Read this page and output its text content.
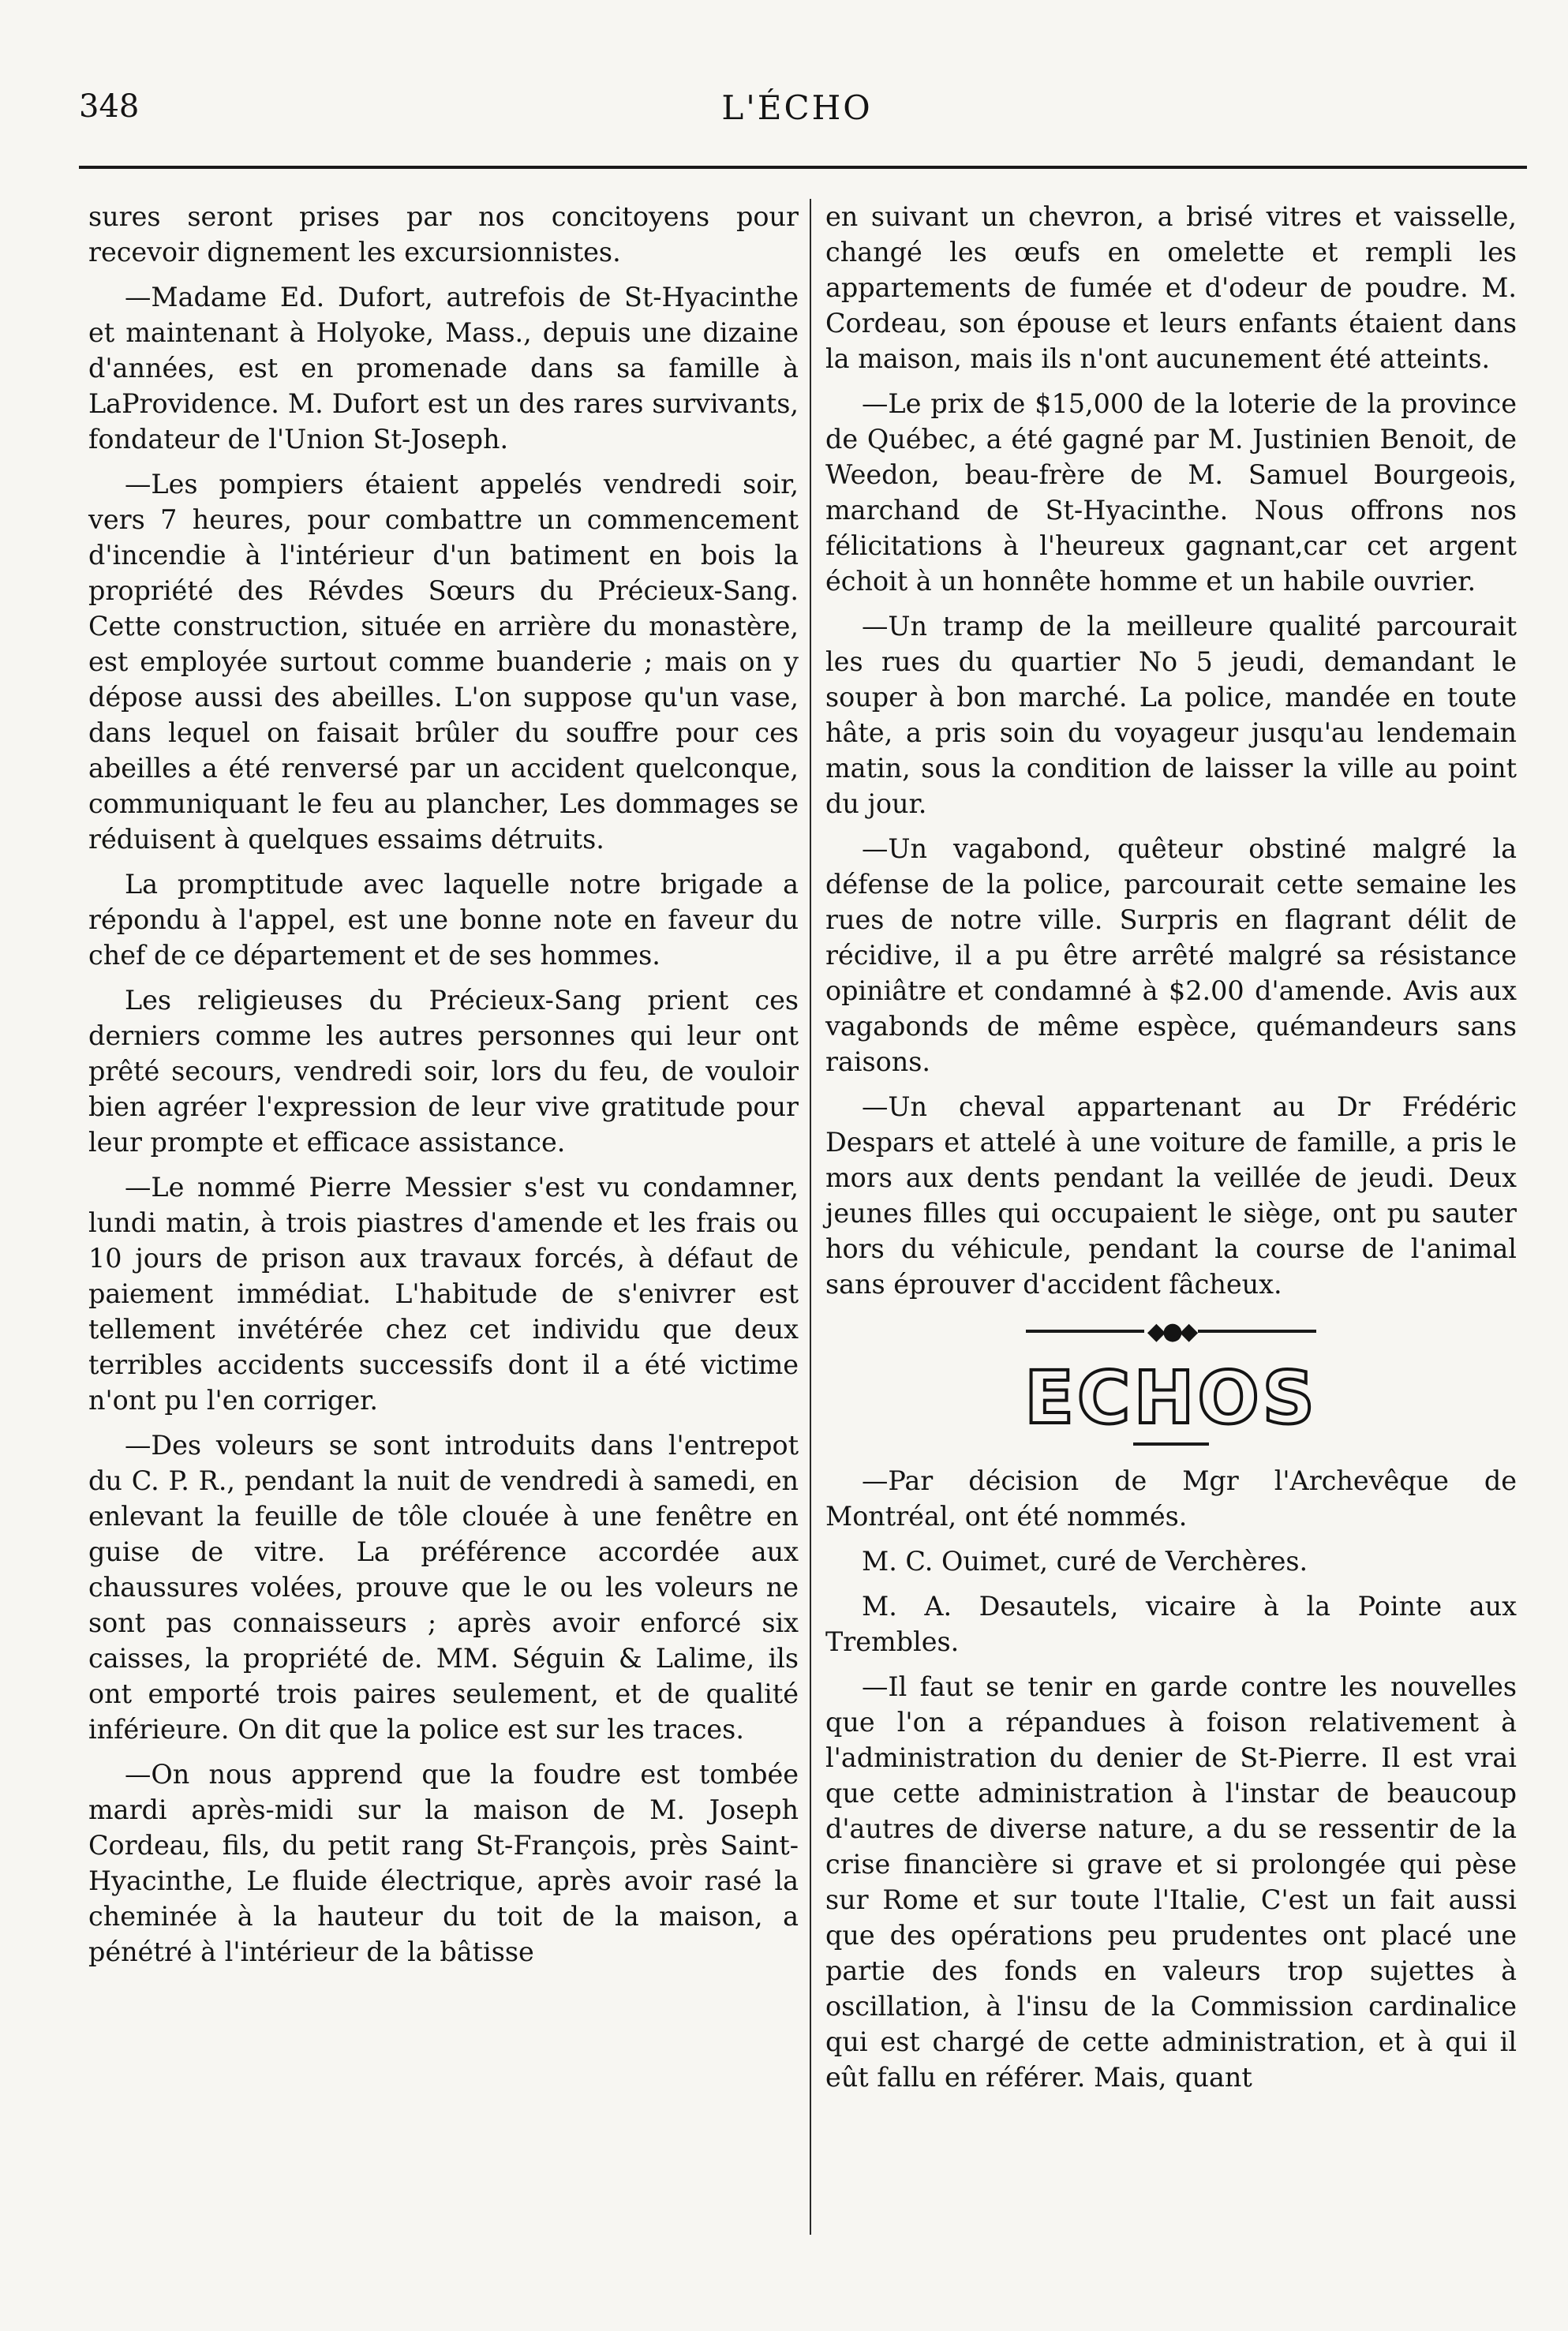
348	L'ÉCHO

sures seront prises par nos concitoyens pour recevoir dignement les excursionnistes.

—Madame Ed. Dufort, autrefois de St-Hyacinthe et maintenant à Holyoke, Mass., depuis une dizaine d'années, est en promenade dans sa famille à LaProvidence. M. Dufort est un des rares survivants, fondateur de l'Union St-Joseph.

—Les pompiers étaient appelés vendredi soir, vers 7 heures, pour combattre un commencement d'incendie à l'intérieur d'un batiment en bois la propriété des Révdes Sœurs du Précieux-Sang. Cette construction, située en arrière du monastère, est employée surtout comme buanderie ; mais on y dépose aussi des abeilles. L'on suppose qu'un vase, dans lequel on faisait brûler du souffre pour ces abeilles a été renversé par un accident quelconque, communiquant le feu au plancher, Les dommages se réduisent à quelques essaims détruits.

La promptitude avec laquelle notre brigade a répondu à l'appel, est une bonne note en faveur du chef de ce département et de ses hommes.

Les religieuses du Précieux-Sang prient ces derniers comme les autres personnes qui leur ont prêté secours, vendredi soir, lors du feu, de vouloir bien agréer l'expression de leur vive gratitude pour leur prompte et efficace assistance.

—Le nommé Pierre Messier s'est vu condamner, lundi matin, à trois piastres d'amende et les frais ou 10 jours de prison aux travaux forcés, à défaut de paiement immédiat. L'habitude de s'enivrer est tellement invétérée chez cet individu que deux terribles accidents successifs dont il a été victime n'ont pu l'en corriger.

—Des voleurs se sont introduits dans l'entrepot du C. P. R., pendant la nuit de vendredi à samedi, en enlevant la feuille de tôle clouée à une fenêtre en guise de vitre. La préférence accordée aux chaussures volées, prouve que le ou les voleurs ne sont pas connaisseurs ; après avoir enforcé six caisses, la propriété de. MM. Séguin & Lalime, ils ont emporté trois paires seulement, et de qualité inférieure. On dit que la police est sur les traces.

—On nous apprend que la foudre est tombée mardi après-midi sur la maison de M. Joseph Cordeau, fils, du petit rang St-François, près Saint-Hyacinthe, Le fluide électrique, après avoir rasé la cheminée à la hauteur du toit de la maison, a pénétré à l'intérieur de la bâtisse

en suivant un chevron, a brisé vitres et vaisselle, changé les œufs en omelette et rempli les appartements de fumée et d'odeur de poudre. M. Cordeau, son épouse et leurs enfants étaient dans la maison, mais ils n'ont aucunement été atteints.

—Le prix de $15,000 de la loterie de la province de Québec, a été gagné par M. Justinien Benoit, de Weedon, beau-frère de M. Samuel Bourgeois, marchand de St-Hyacinthe. Nous offrons nos félicitations à l'heureux gagnant,car cet argent échoit à un honnête homme et un habile ouvrier.

—Un tramp de la meilleure qualité parcourait les rues du quartier No 5 jeudi, demandant le souper à bon marché. La police, mandée en toute hâte, a pris soin du voyageur jusqu'au lendemain matin, sous la condition de laisser la ville au point du jour.

—Un vagabond, quêteur obstiné malgré la défense de la police, parcourait cette semaine les rues de notre ville. Surpris en flagrant délit de récidive, il a pu être arrêté malgré sa résistance opiniâtre et condamné à $2.00 d'amende. Avis aux vagabonds de même espèce, quémandeurs sans raisons.

—Un cheval appartenant au Dr Frédéric Despars et attelé à une voiture de famille, a pris le mors aux dents pendant la veillée de jeudi. Deux jeunes filles qui occupaient le siège, ont pu sauter hors du véhicule, pendant la course de l'animal sans éprouver d'accident fâcheux.

◆●◆
ECHOS

—Par décision de Mgr l'Archevêque de Montréal, ont été nommés.

M. C. Ouimet, curé de Verchères.

M. A. Desautels, vicaire à la Pointe aux Trembles.

—Il faut se tenir en garde contre les nouvelles que l'on a répandues à foison relativement à l'administration du denier de St-Pierre. Il est vrai que cette administration à l'instar de beaucoup d'autres de diverse nature, a du se ressentir de la crise financière si grave et si prolongée qui pèse sur Rome et sur toute l'Italie, C'est un fait aussi que des opérations peu prudentes ont placé une partie des fonds en valeurs trop sujettes à oscillation, à l'insu de la Commission cardinalice qui est chargé de cette administration, et à qui il eût fallu en référer. Mais, quant
